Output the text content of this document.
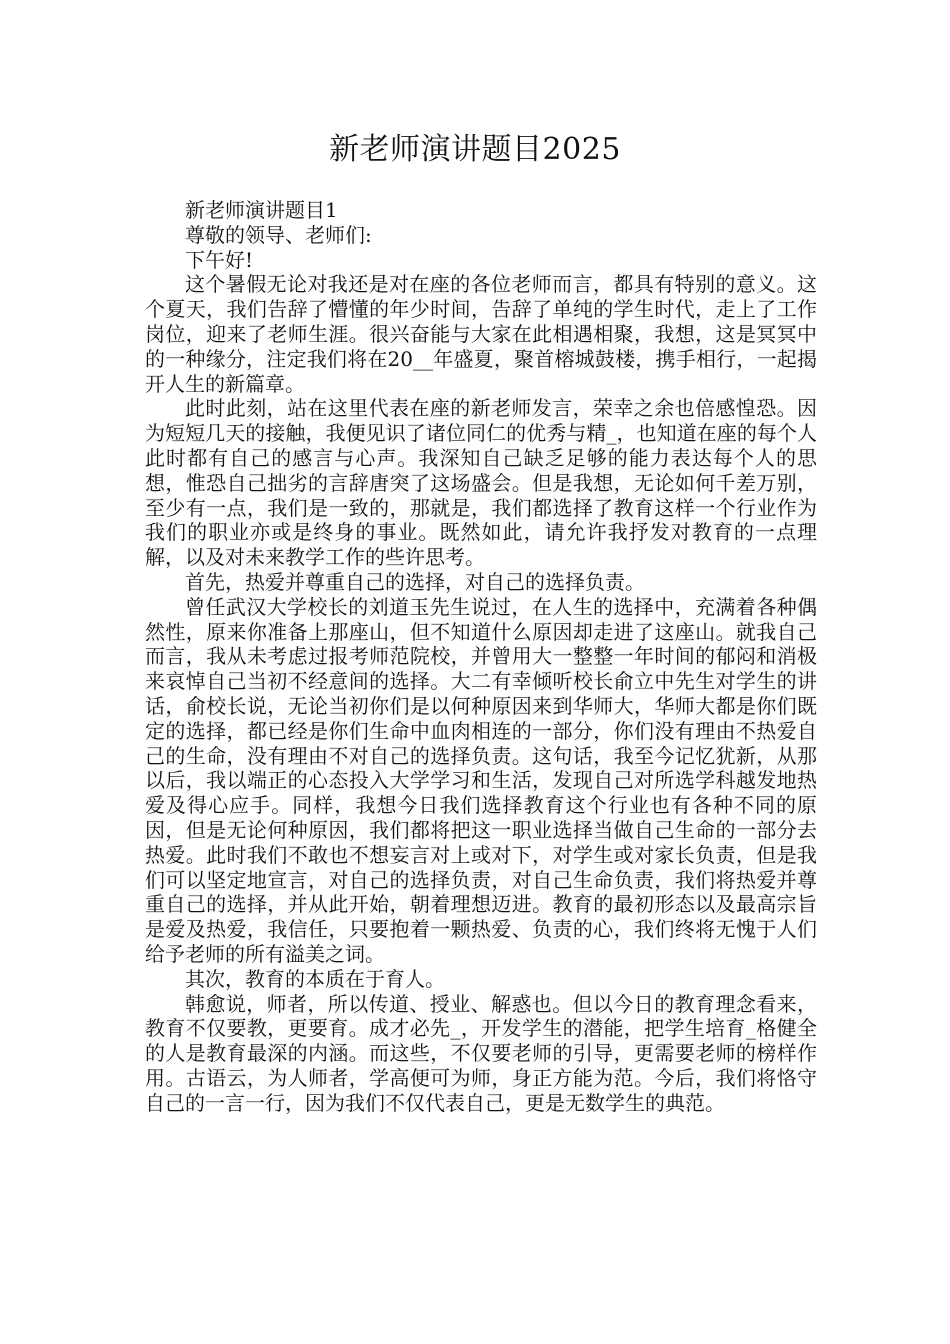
新老师演讲题目2025

新老师演讲题目1

尊敬的领导、老师们:

下午好!

这个暑假无论对我还是对在座的各位老师而言，都具有特别的意义。这个夏天，我们告辞了懵懂的年少时间，告辞了单纯的学生时代，走上了工作岗位，迎来了老师生涯。很兴奋能与大家在此相遇相聚，我想，这是冥冥中的一种缘分，注定我们将在20__年盛夏，聚首榕城鼓楼，携手相行，一起揭开人生的新篇章。

此时此刻，站在这里代表在座的新老师发言，荣幸之余也倍感惶恐。因为短短几天的接触，我便见识了诸位同仁的优秀与精_，也知道在座的每个人此时都有自己的感言与心声。我深知自己缺乏足够的能力表达每个人的思想，惟恐自己拙劣的言辞唐突了这场盛会。但是我想，无论如何千差万别，至少有一点，我们是一致的，那就是，我们都选择了教育这样一个行业作为我们的职业亦或是终身的事业。既然如此，请允许我抒发对教育的一点理解，以及对未来教学工作的些许思考。

首先，热爱并尊重自己的选择，对自己的选择负责。

曾任武汉大学校长的刘道玉先生说过，在人生的选择中，充满着各种偶然性，原来你准备上那座山，但不知道什么原因却走进了这座山。就我自己而言，我从未考虑过报考师范院校，并曾用大一整整一年时间的郁闷和消极来哀悼自己当初不经意间的选择。大二有幸倾听校长俞立中先生对学生的讲话，俞校长说，无论当初你们是以何种原因来到华师大，华师大都是你们既定的选择，都已经是你们生命中血肉相连的一部分，你们没有理由不热爱自己的生命，没有理由不对自己的选择负责。这句话，我至今记忆犹新，从那以后，我以端正的心态投入大学学习和生活，发现自己对所选学科越发地热爱及得心应手。同样，我想今日我们选择教育这个行业也有各种不同的原因，但是无论何种原因，我们都将把这一职业选择当做自己生命的一部分去热爱。此时我们不敢也不想妄言对上或对下，对学生或对家长负责，但是我们可以坚定地宣言，对自己的选择负责，对自己生命负责，我们将热爱并尊重自己的选择，并从此开始，朝着理想迈进。教育的最初形态以及最高宗旨是爱及热爱，我信任，只要抱着一颗热爱、负责的心，我们终将无愧于人们给予老师的所有溢美之词。

其次，教育的本质在于育人。

韩愈说，师者，所以传道、授业、解惑也。但以今日的教育理念看来，教育不仅要教，更要育。成才必先_，开发学生的潜能，把学生培育_格健全的人是教育最深的内涵。而这些，不仅要老师的引导，更需要老师的榜样作用。古语云，为人师者，学高便可为师，身正方能为范。今后，我们将恪守自己的一言一行，因为我们不仅代表自己，更是无数学生的典范。
